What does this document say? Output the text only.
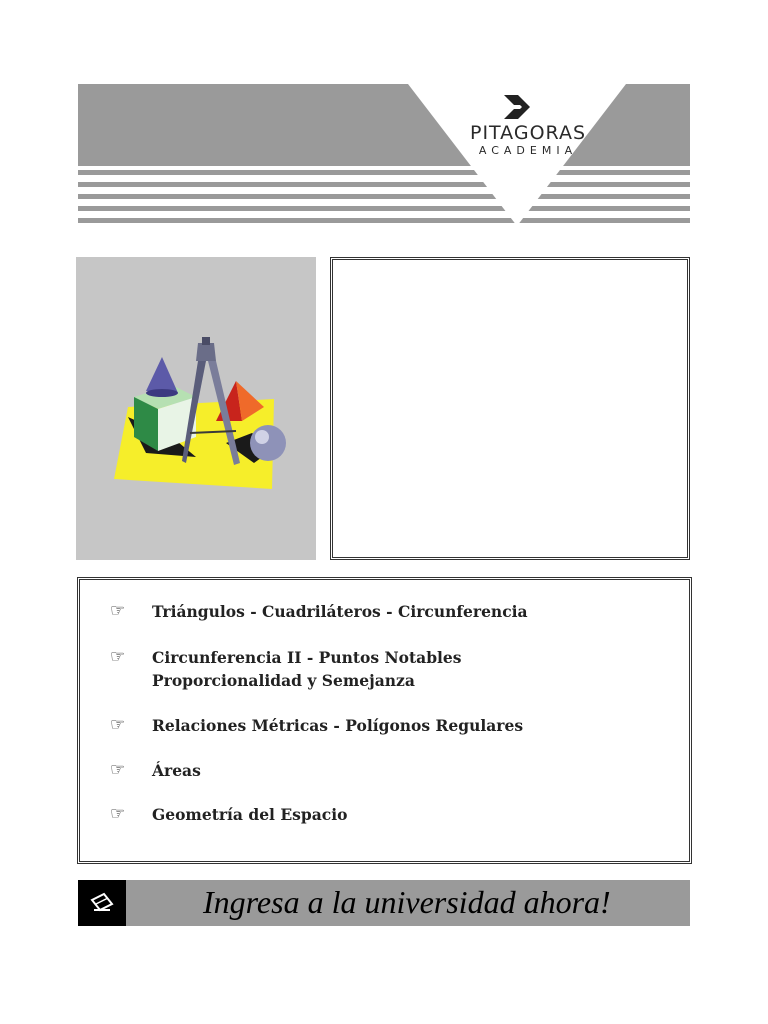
PITAGORAS
ACADEMIA
☞	Triángulos - Cuadriláteros - Circunferencia
☞	Circunferencia II - Puntos Notables
Proporcionalidad y Semejanza
☞	Relaciones Métricas - Polígonos Regulares
☞	Áreas
☞	Geometría del Espacio
Ingresa a la universidad ahora!
